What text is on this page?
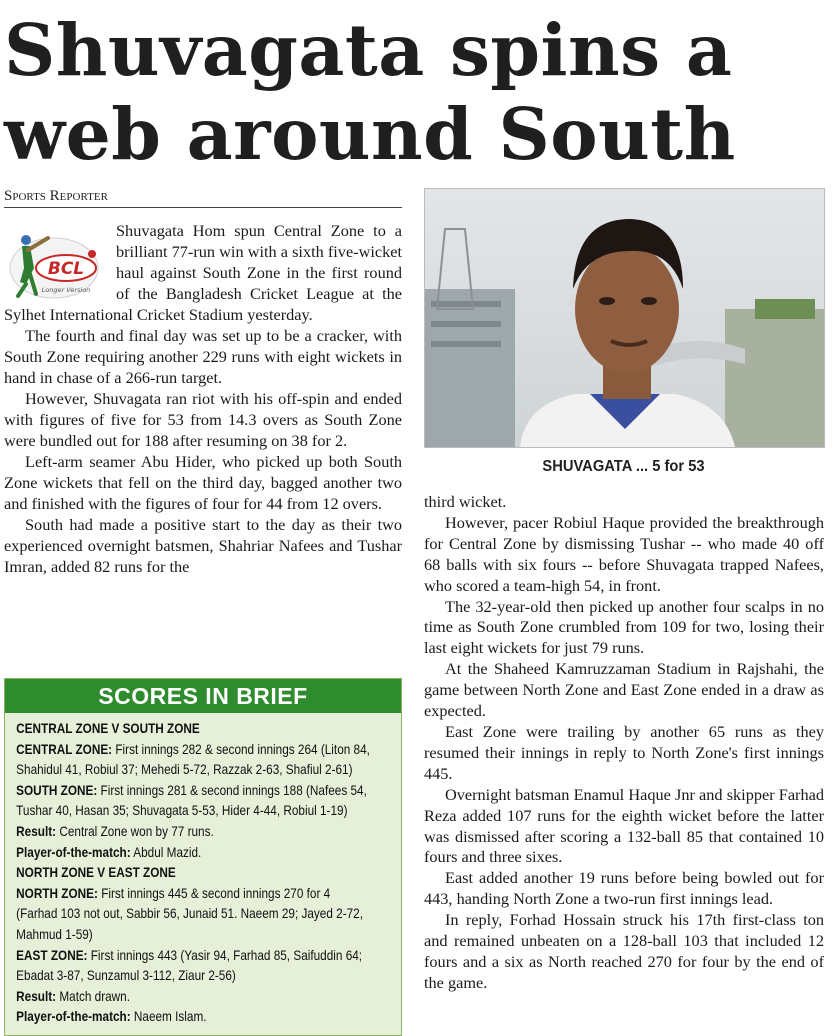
Shuvagata spins a web around South
Sports Reporter
BCL
Longer Version

Shuvagata Hom spun Central Zone to a brilliant 77-run win with a sixth five-wicket haul against South Zone in the first round of the Bangladesh Cricket League at the Sylhet International Cricket Stadium yesterday.

The fourth and final day was set up to be a cracker, with South Zone requiring another 229 runs with eight wickets in hand in chase of a 266-run target.

However, Shuvagata ran riot with his off-spin and ended with figures of five for 53 from 14.3 overs as South Zone were bundled out for 188 after resuming on 38 for 2.

Left-arm seamer Abu Hider, who picked up both South Zone wickets that fell on the third day, bagged another two and finished with the figures of four for 44 from 12 overs.

South had made a positive start to the day as their two experienced overnight batsmen, Shahriar Nafees and Tushar Imran, added 82 runs for the

SHUVAGATA ... 5 for 53

third wicket.

However, pacer Robiul Haque provided the breakthrough for Central Zone by dismissing Tushar -- who made 40 off 68 balls with six fours -- before Shuvagata trapped Nafees, who scored a team-high 54, in front.

The 32-year-old then picked up another four scalps in no time as South Zone crumbled from 109 for two, losing their last eight wickets for just 79 runs.

At the Shaheed Kamruzzaman Stadium in Rajshahi, the game between North Zone and East Zone ended in a draw as expected.

East Zone were trailing by another 65 runs as they resumed their innings in reply to North Zone's first innings 445.

Overnight batsman Enamul Haque Jnr and skipper Farhad Reza added 107 runs for the eighth wicket before the latter was dismissed after scoring a 132-ball 85 that contained 10 fours and three sixes.

East added another 19 runs before being bowled out for 443, handing North Zone a two-run first innings lead.

In reply, Forhad Hossain struck his 17th first-class ton and remained unbeaten on a 128-ball 103 that included 12 fours and a six as North reached 270 for four by the end of the game.

SCORES IN BRIEF
CENTRAL ZONE V SOUTH ZONE
CENTRAL ZONE: First innings 282 & second innings 264 (Liton 84,
Shahidul 41, Robiul 37; Mehedi 5-72, Razzak 2-63, Shafiul 2-61)
SOUTH ZONE: First innings 281 & second innings 188 (Nafees 54,
Tushar 40, Hasan 35; Shuvagata 5-53, Hider 4-44, Robiul 1-19)
Result: Central Zone won by 77 runs.
Player-of-the-match: Abdul Mazid.
NORTH ZONE V EAST ZONE
NORTH ZONE: First innings 445 & second innings 270 for 4
(Farhad 103 not out, Sabbir 56, Junaid 51. Naeem 29; Jayed 2-72,
Mahmud 1-59)
EAST ZONE: First innings 443 (Yasir 94, Farhad 85, Saifuddin 64;
Ebadat 3-87, Sunzamul 3-112, Ziaur 2-56)
Result: Match drawn.
Player-of-the-match: Naeem Islam.
